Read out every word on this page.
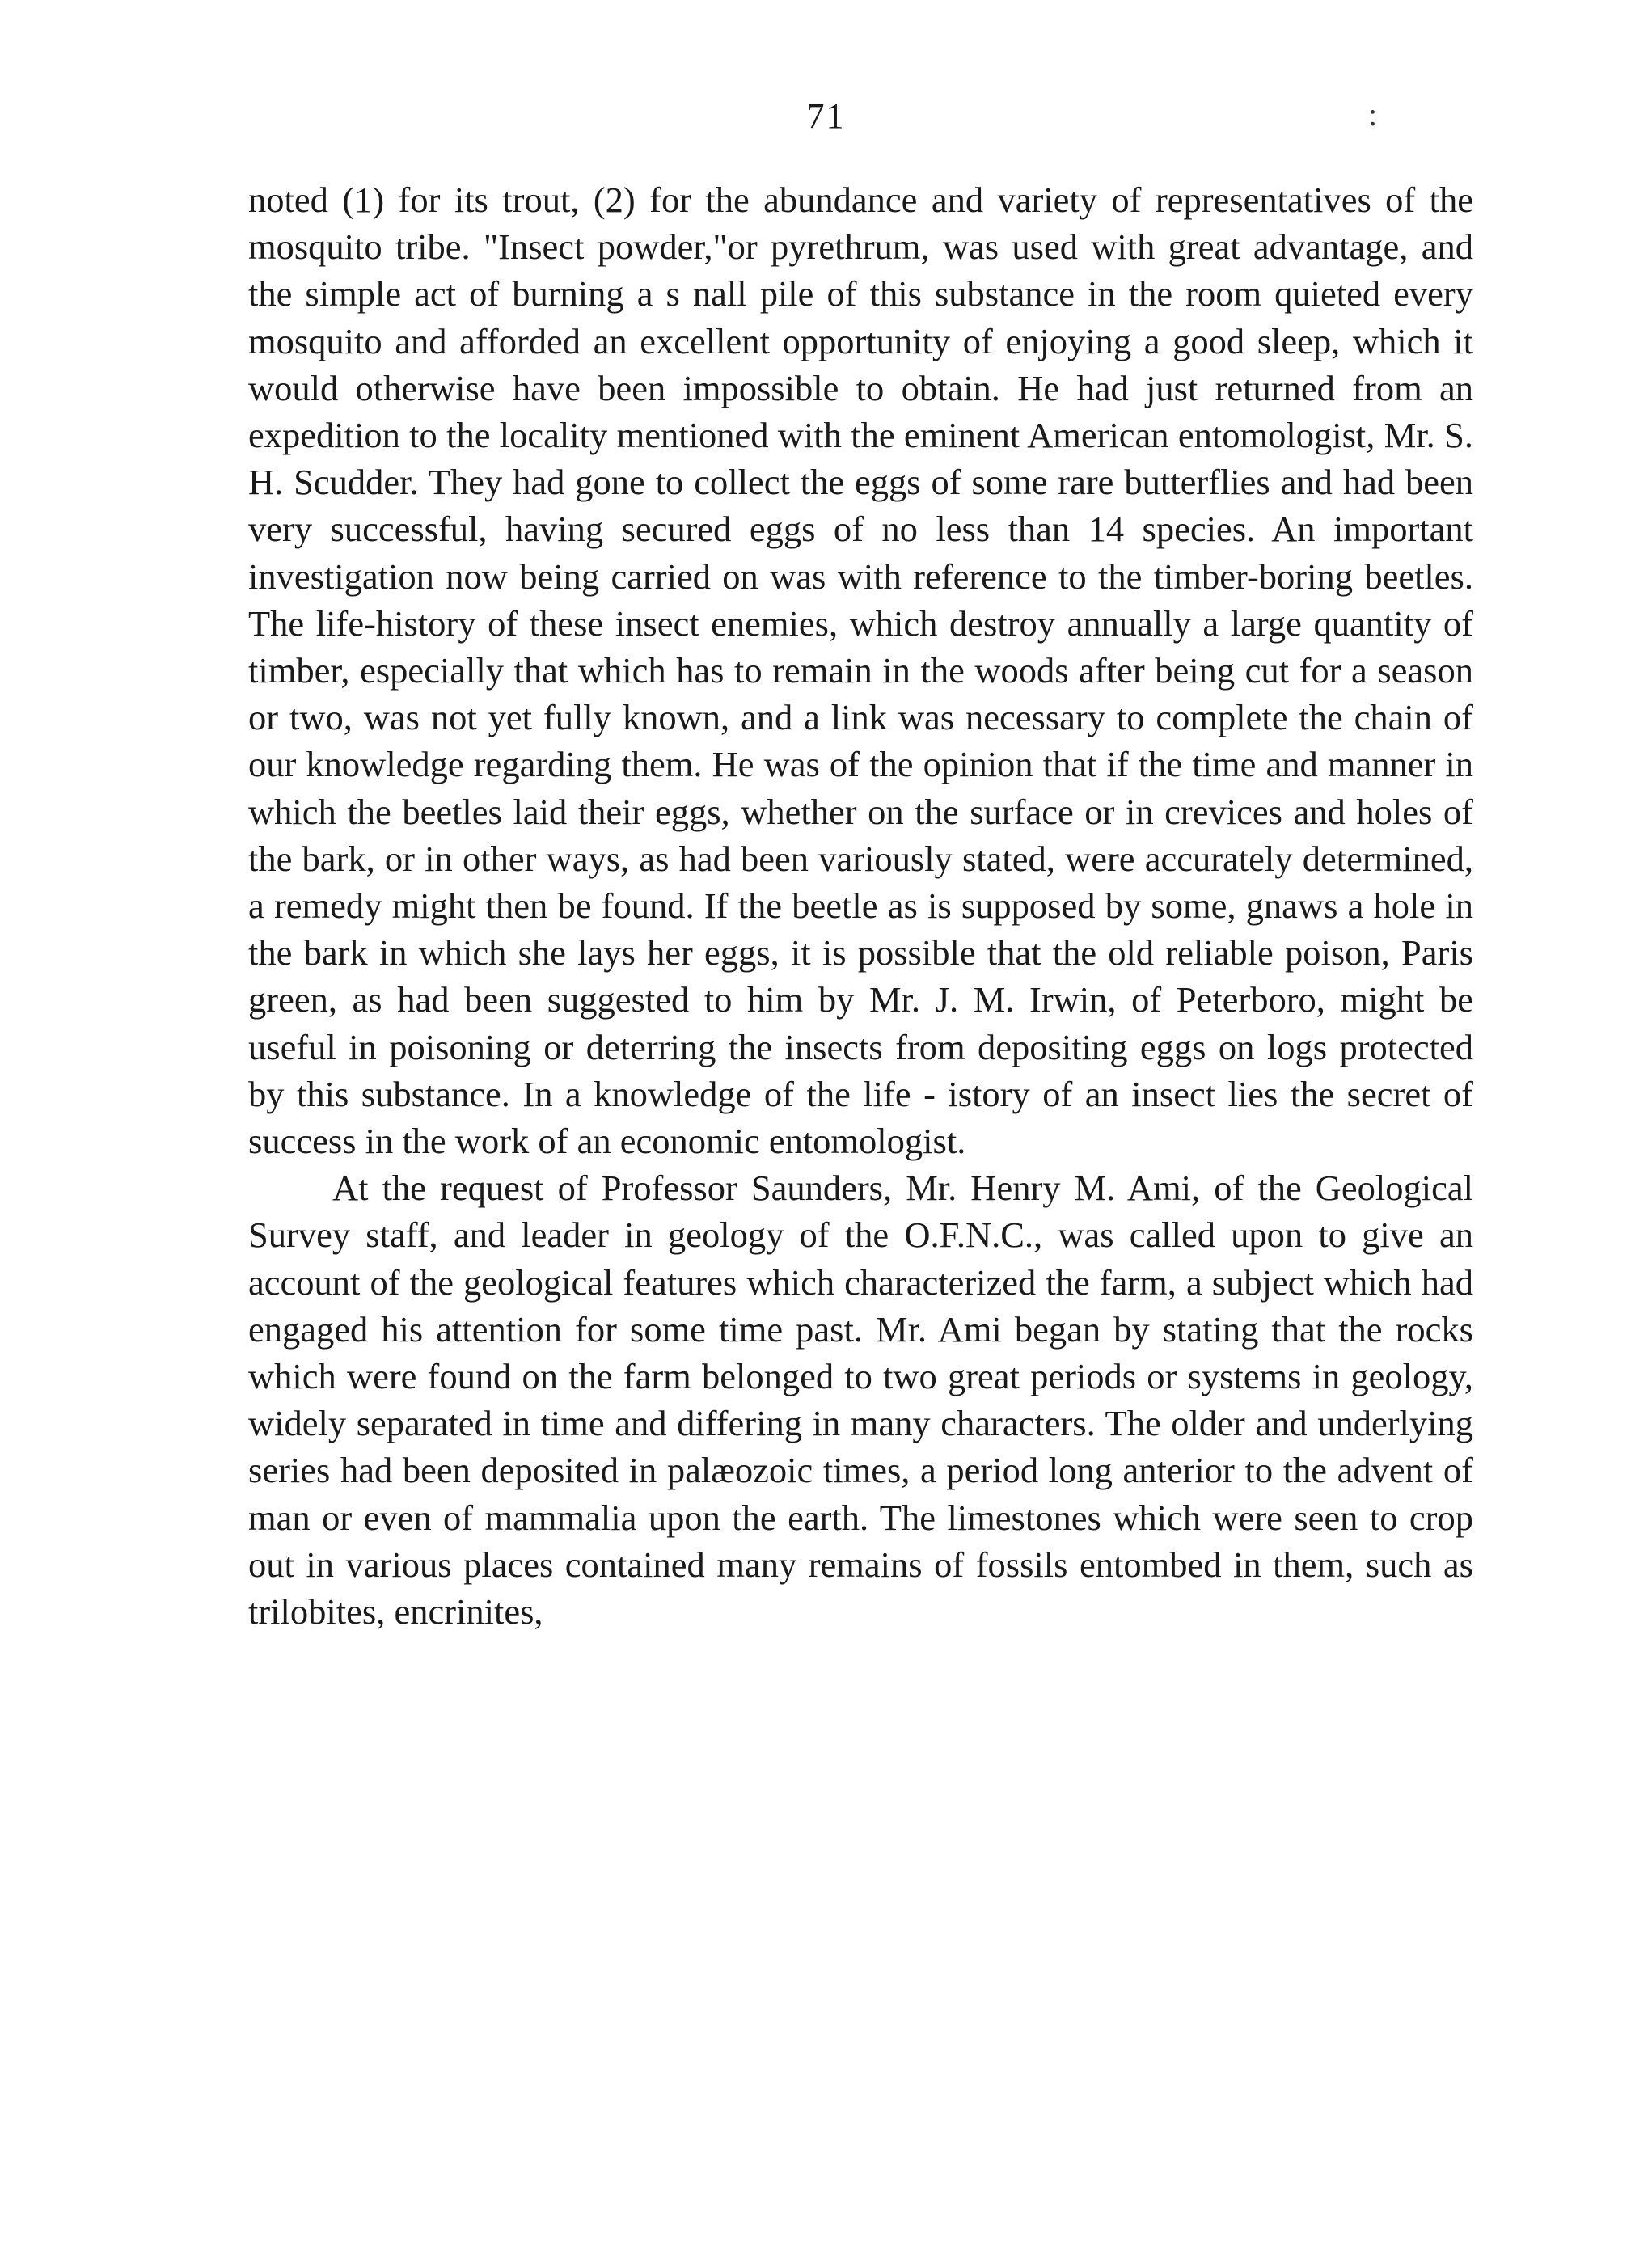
71	:

noted (1) for its trout, (2) for the abundance and variety of representatives of the mosquito tribe. "Insect powder,"or pyrethrum, was used with great advantage, and the simple act of burning a s nall pile of this substance in the room quieted every mosquito and afforded an excellent opportunity of enjoying a good sleep, which it would otherwise have been impossible to obtain. He had just returned from an expedition to the locality mentioned with the eminent American entomologist, Mr. S. H. Scudder. They had gone to collect the eggs of some rare butterflies and had been very successful, having secured eggs of no less than 14 species. An important investigation now being carried on was with reference to the timber-boring beetles. The life-history of these insect enemies, which destroy annually a large quantity of timber, especially that which has to remain in the woods after being cut for a season or two, was not yet fully known, and a link was necessary to complete the chain of our knowledge regarding them. He was of the opinion that if the time and manner in which the beetles laid their eggs, whether on the surface or in crevices and holes of the bark, or in other ways, as had been variously stated, were accurately determined, a remedy might then be found. If the beetle as is supposed by some, gnaws a hole in the bark in which she lays her eggs, it is possible that the old reliable poison, Paris green, as had been suggested to him by Mr. J. M. Irwin, of Peterboro, might be useful in poisoning or deterring the insects from depositing eggs on logs protected by this substance. In a knowledge of the life - istory of an insect lies the secret of success in the work of an economic entomologist.

At the request of Professor Saunders, Mr. Henry M. Ami, of the Geological Survey staff, and leader in geology of the O.F.N.C., was called upon to give an account of the geological features which characterized the farm, a subject which had engaged his attention for some time past. Mr. Ami began by stating that the rocks which were found on the farm belonged to two great periods or systems in geology, widely separated in time and differing in many characters. The older and underlying series had been deposited in palæozoic times, a period long anterior to the advent of man or even of mammalia upon the earth. The limestones which were seen to crop out in various places contained many remains of fossils entombed in them, such as trilobites, encrinites,
